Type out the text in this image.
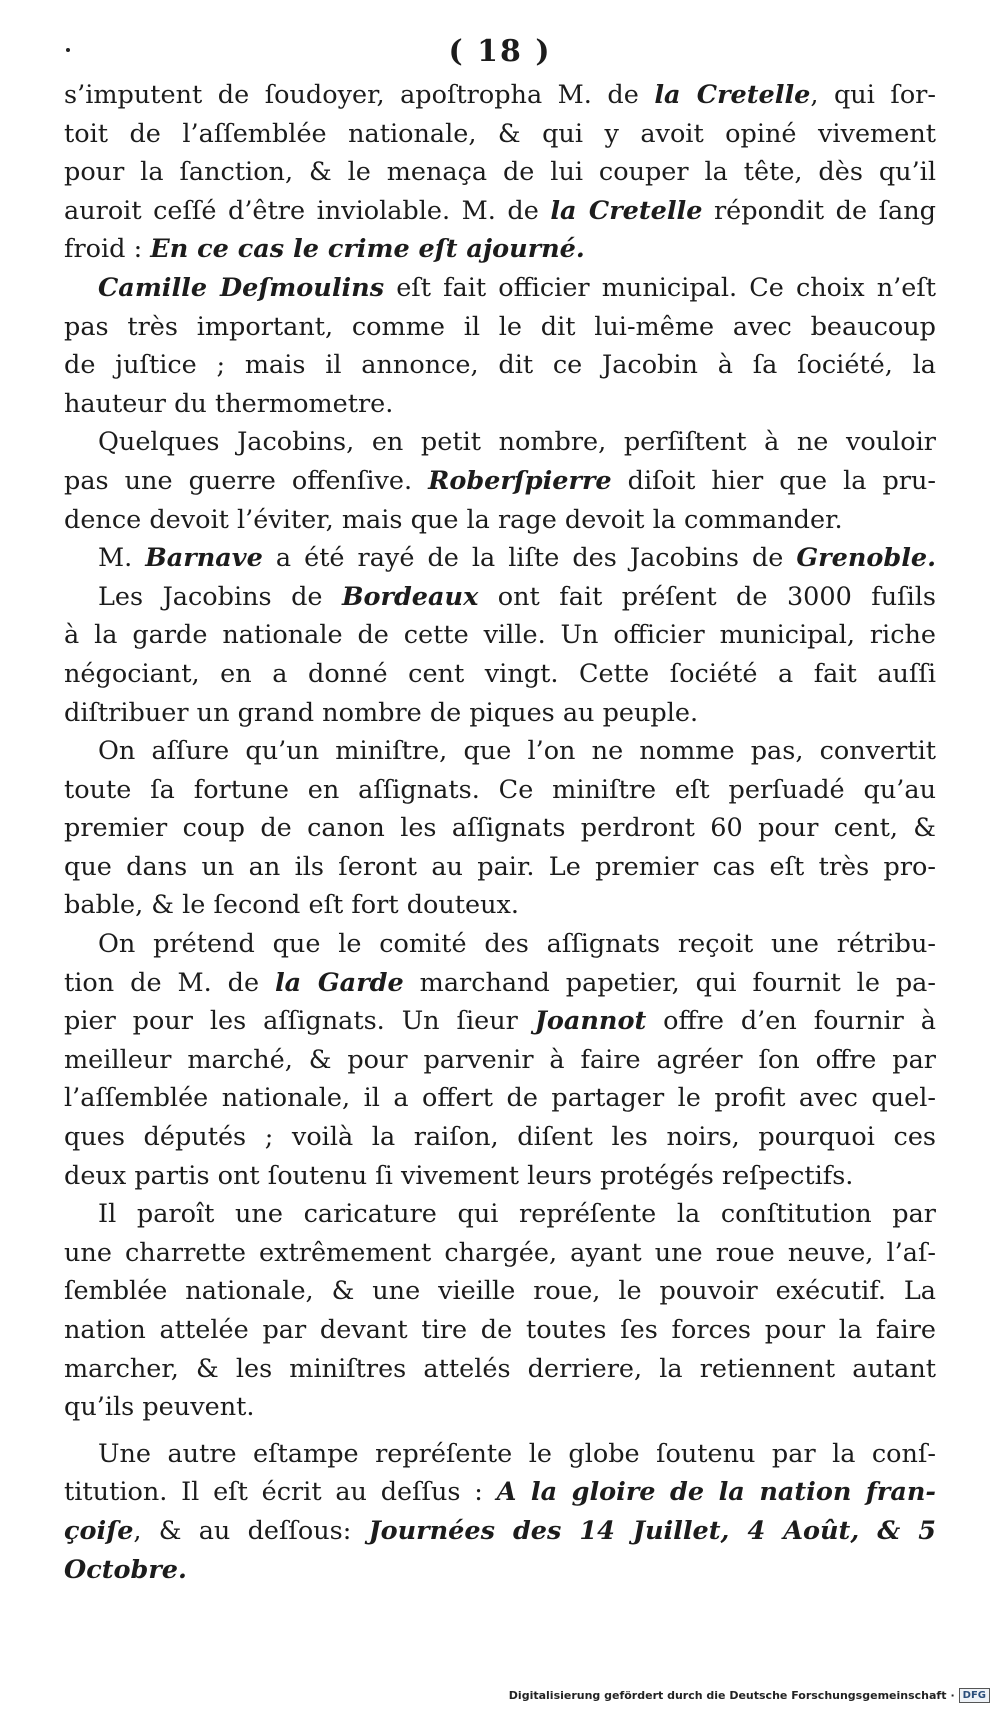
( 18 )
s’imputent de ſoudoyer, apoſtropha M. de la Cretelle, qui ſor-
toit de l’aſſemblée nationale, & qui y avoit opiné vivement
pour la ſanction, & le menaça de lui couper la tête, dès qu’il
auroit ceſſé d’être inviolable. M. de la Cretelle répondit de ſang
froid : En ce cas le crime eſt ajourné.
Camille Deſmoulins eſt fait officier municipal. Ce choix n’eſt
pas très important, comme il le dit lui-même avec beaucoup
de juſtice ; mais il annonce, dit ce Jacobin à ſa ſociété, la
hauteur du thermometre.
Quelques Jacobins, en petit nombre, perſiſtent à ne vouloir
pas une guerre offenſive. Roberſpierre diſoit hier que la pru-
dence devoit l’éviter, mais que la rage devoit la commander.
M. Barnave a été rayé de la liſte des Jacobins de Grenoble.
Les Jacobins de Bordeaux ont fait préſent de 3000 fuſils
à la garde nationale de cette ville. Un officier municipal, riche
négociant, en a donné cent vingt. Cette ſociété a fait auſſi
diſtribuer un grand nombre de piques au peuple.
On aſſure qu’un miniſtre, que l’on ne nomme pas, convertit
toute ſa fortune en aſſignats. Ce miniſtre eſt perſuadé qu’au
premier coup de canon les aſſignats perdront 60 pour cent, &
que dans un an ils ſeront au pair. Le premier cas eſt très pro-
bable, & le ſecond eſt fort douteux.
On prétend que le comité des aſſignats reçoit une rétribu-
tion de M. de la Garde marchand papetier, qui fournit le pa-
pier pour les aſſignats. Un ſieur Joannot offre d’en fournir à
meilleur marché, & pour parvenir à faire agréer ſon offre par
l’aſſemblée nationale, il a offert de partager le profit avec quel-
ques députés ; voilà la raiſon, diſent les noirs, pourquoi ces
deux partis ont ſoutenu ſi vivement leurs protégés reſpectifs.
Il paroît une caricature qui repréſente la conſtitution par
une charrette extrêmement chargée, ayant une roue neuve, l’aſ-
ſemblée nationale, & une vieille roue, le pouvoir exécutif. La
nation attelée par devant tire de toutes ſes forces pour la faire
marcher, & les miniſtres attelés derriere, la retiennent autant
qu’ils peuvent.
Une autre eſtampe repréſente le globe ſoutenu par la conſ-
titution. Il eſt écrit au deſſus : A la gloire de la nation fran-
çoiſe, & au deſſous: Journées des 14 Juillet, 4 Août, & 5
Octobre.
Digitalisierung gefördert durch die Deutsche Forschungsgemeinschaft · DFG
